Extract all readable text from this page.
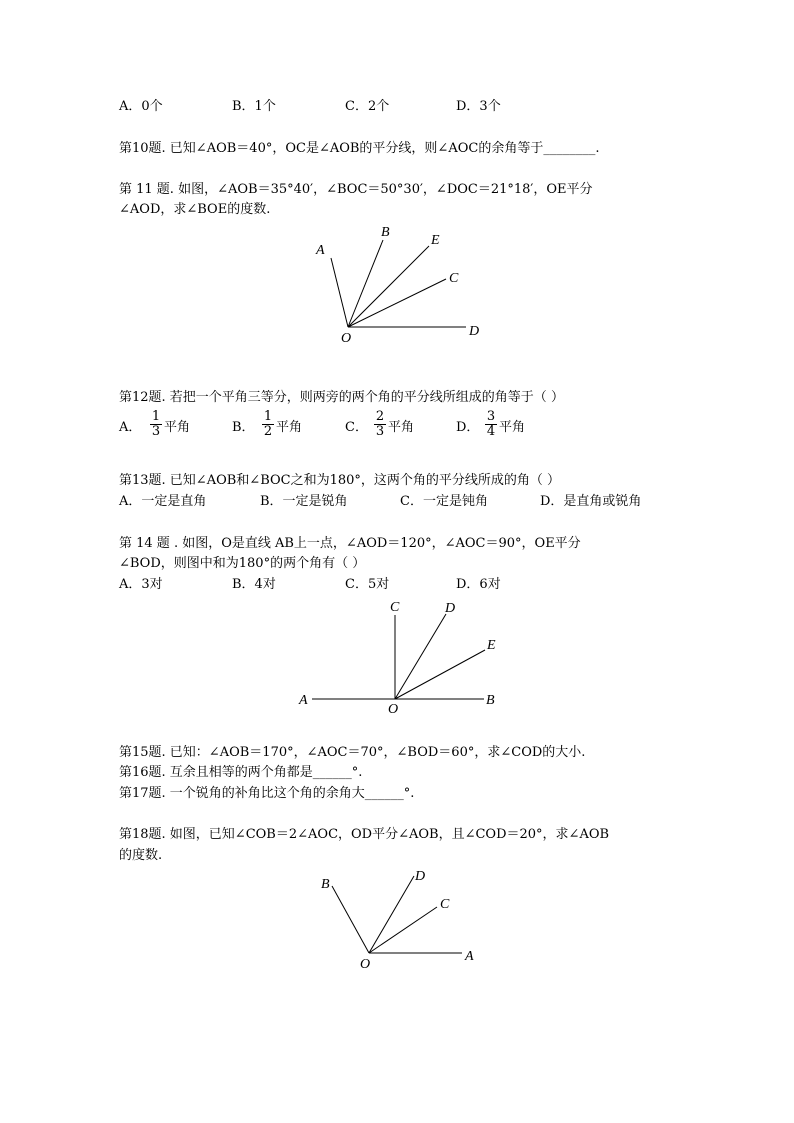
A．0个	B．1个	C．2个	D．3个
第10题. 已知∠AOB＝40°，OC是∠AOB的平分线，则∠AOC的余角等于________.
第 11 题. 如图，∠AOB＝35°40′，∠BOC＝50°30′，∠DOC＝21°18′，OE平分
∠AOD，求∠BOE的度数.
A
B
E
C
D
O
第12题. 若把一个平角三等分，则两旁的两个角的平分线所组成的角等于（ ）
A． $\frac{1}{3}$ 平角	B． $\frac{1}{2}$ 平角	C． $\frac{2}{3}$ 平角	D． $\frac{3}{4}$ 平角
第13题. 已知∠AOB和∠BOC之和为180°，这两个角的平分线所成的角（ ）
A．一定是直角	B．一定是锐角	C．一定是钝角	D．是直角或锐角
第 14 题 . 如图，O是直线 AB上一点，∠AOD＝120°，∠AOC＝90°，OE平分
∠BOD，则图中和为180°的两个角有（ ）
A．3对	B．4对	C．5对	D．6对
C	D
E
A
O
B
第15题. 已知：∠AOB＝170°，∠AOC＝70°，∠BOD＝60°，求∠COD的大小.
第16题. 互余且相等的两个角都是______°.
第17题. 一个锐角的补角比这个角的余角大______°.
第18题. 如图，已知∠COB＝2∠AOC，OD平分∠AOB，且∠COD＝20°，求∠AOB
的度数.
B
D
C
O
A
